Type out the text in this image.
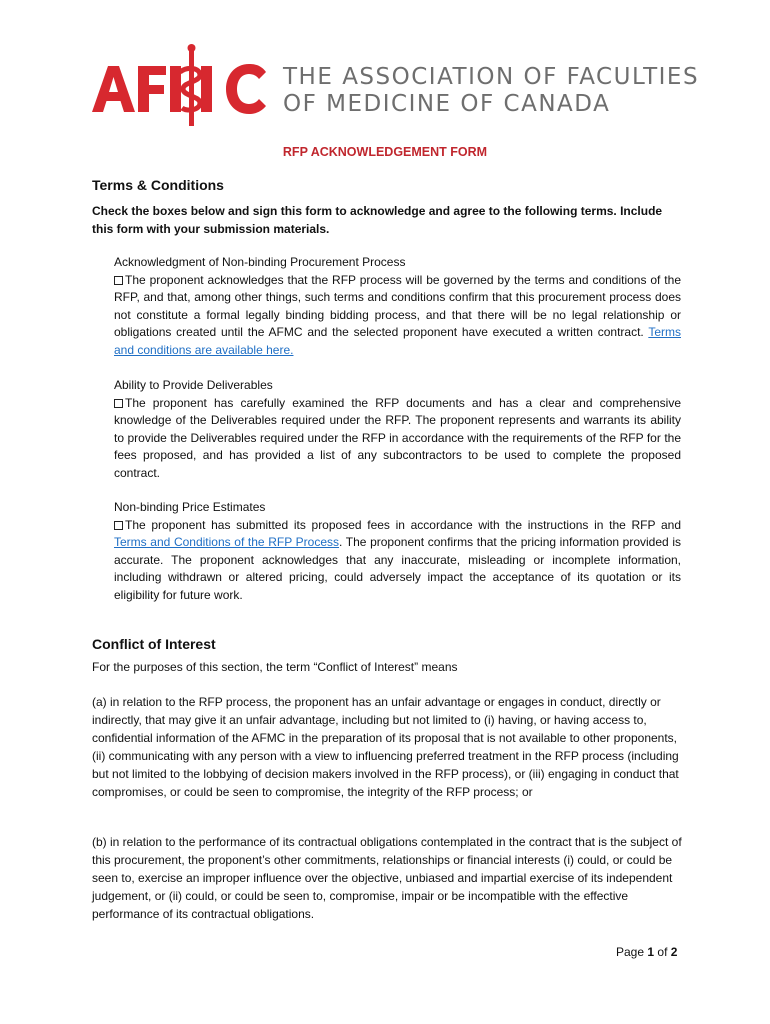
THE ASSOCIATION OF FACULTIES OF MEDICINE OF CANADA
RFP ACKNOWLEDGEMENT FORM
Terms & Conditions
Check the boxes below and sign this form to acknowledge and agree to the following terms. Include this form with your submission materials.
Acknowledgment of Non-binding Procurement Process
The proponent acknowledges that the RFP process will be governed by the terms and conditions of the RFP, and that, among other things, such terms and conditions confirm that this procurement process does not constitute a formal legally binding bidding process, and that there will be no legal relationship or obligations created until the AFMC and the selected proponent have executed a written contract. Terms and conditions are available here.
Ability to Provide Deliverables
The proponent has carefully examined the RFP documents and has a clear and comprehensive knowledge of the Deliverables required under the RFP. The proponent represents and warrants its ability to provide the Deliverables required under the RFP in accordance with the requirements of the RFP for the fees proposed, and has provided a list of any subcontractors to be used to complete the proposed contract.
Non-binding Price Estimates
The proponent has submitted its proposed fees in accordance with the instructions in the RFP and Terms and Conditions of the RFP Process. The proponent confirms that the pricing information provided is accurate. The proponent acknowledges that any inaccurate, misleading or incomplete information, including withdrawn or altered pricing, could adversely impact the acceptance of its quotation or its eligibility for future work.
Conflict of Interest
For the purposes of this section, the term “Conflict of Interest” means
(a) in relation to the RFP process, the proponent has an unfair advantage or engages in conduct, directly or indirectly, that may give it an unfair advantage, including but not limited to (i) having, or having access to, confidential information of the AFMC in the preparation of its proposal that is not available to other proponents, (ii) communicating with any person with a view to influencing preferred treatment in the RFP process (including but not limited to the lobbying of decision makers involved in the RFP process), or (iii) engaging in conduct that compromises, or could be seen to compromise, the integrity of the RFP process; or
(b) in relation to the performance of its contractual obligations contemplated in the contract that is the subject of this procurement, the proponent’s other commitments, relationships or financial interests (i) could, or could be seen to, exercise an improper influence over the objective, unbiased and impartial exercise of its independent judgement, or (ii) could, or could be seen to, compromise, impair or be incompatible with the effective performance of its contractual obligations.
Page 1 of 2
